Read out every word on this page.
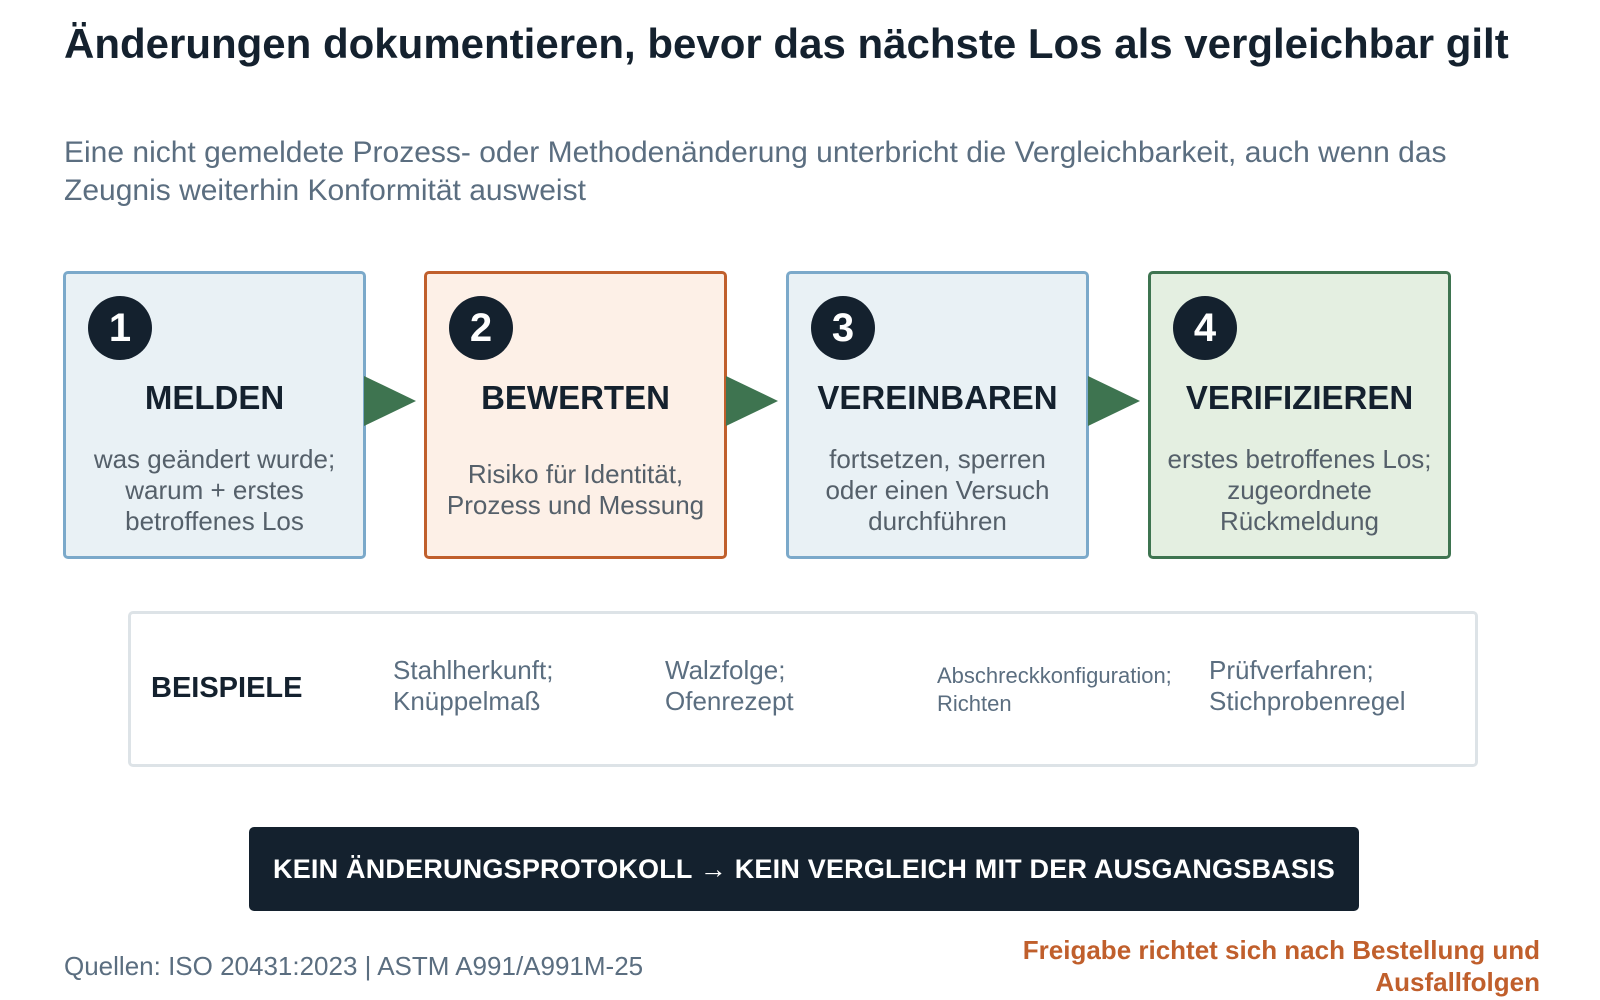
Änderungen dokumentieren, bevor das nächste Los als vergleichbar gilt

Eine nicht gemeldete Prozess- oder Methodenänderung unterbricht die Vergleichbarkeit, auch wenn das Zeugnis weiterhin Konformität ausweist

1
MELDEN
was geändert wurde; warum + erstes betroffenes Los
2
BEWERTEN
Risiko für Identität, Prozess und Messung
3
VEREINBAREN
fortsetzen, sperren oder einen Versuch durchführen
4
VERIFIZIEREN
erstes betroffenes Los; zugeordnete Rückmeldung
BEISPIELE
Stahlherkunft; Knüppelmaß
Walzfolge; Ofenrezept
Abschreckkonfiguration; Richten
Prüfverfahren; Stichprobenregel
KEIN ÄNDERUNGSPROTOKOLL → KEIN VERGLEICH MIT DER AUSGANGSBASIS
Quellen: ISO 20431:2023 | ASTM A991/A991M-25
Freigabe richtet sich nach Bestellung und Ausfallfolgen
